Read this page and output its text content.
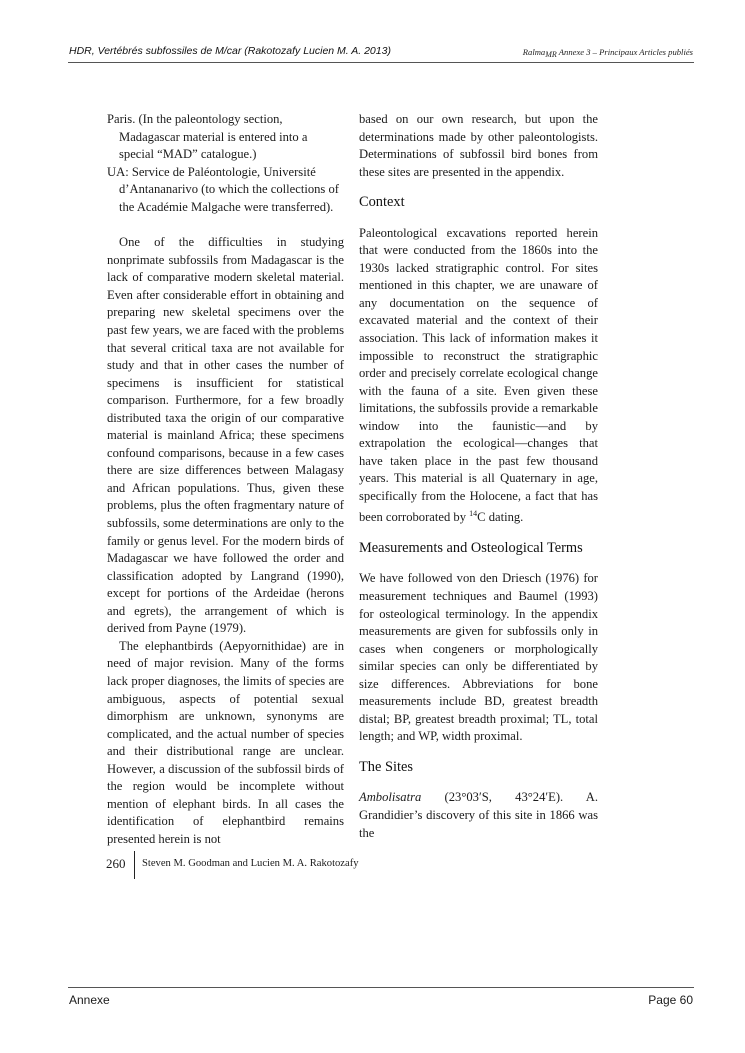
HDR, Vertébrés subfossiles de M/car (Rakotozafy Lucien M. A. 2013)	RalmaMR Annexe 3 – Principaux Articles publiés

Paris. (In the paleontology section, Madagascar material is entered into a special “MAD” catalogue.)

UA: Service de Paléontologie, Université d’Antananarivo (to which the collections of the Académie Malgache were transferred).

One of the difficulties in studying nonprimate subfossils from Madagascar is the lack of comparative modern skeletal material. Even after considerable effort in obtaining and preparing new skeletal specimens over the past few years, we are faced with the problems that several critical taxa are not available for study and that in other cases the number of specimens is insufficient for statistical comparison. Furthermore, for a few broadly distributed taxa the origin of our comparative material is mainland Africa; these specimens confound comparisons, because in a few cases there are size differences between Malagasy and African populations. Thus, given these problems, plus the often fragmentary nature of subfossils, some determinations are only to the family or genus level. For the modern birds of Madagascar we have followed the order and classification adopted by Langrand (1990), except for portions of the Ardeidae (herons and egrets), the arrangement of which is derived from Payne (1979).

The elephantbirds (Aepyornithidae) are in need of major revision. Many of the forms lack proper diagnoses, the limits of species are ambiguous, aspects of potential sexual dimorphism are unknown, synonyms are complicated, and the actual number of species and their distributional range are unclear. However, a discussion of the subfossil birds of the region would be incomplete without mention of elephant birds. In all cases the identification of elephantbird remains presented herein is not

based on our own research, but upon the determinations made by other paleontologists. Determinations of subfossil bird bones from these sites are presented in the appendix.

Context

Paleontological excavations reported herein that were conducted from the 1860s into the 1930s lacked stratigraphic control. For sites mentioned in this chapter, we are unaware of any documentation on the sequence of excavated material and the context of their association. This lack of information makes it impossible to reconstruct the stratigraphic order and precisely correlate ecological change with the fauna of a site. Even given these limitations, the subfossils provide a remarkable window into the faunistic—and by extrapolation the ecological—changes that have taken place in the past few thousand years. This material is all Quaternary in age, specifically from the Holocene, a fact that has been corroborated by $^{14}$C dating.

Measurements and Osteological Terms

We have followed von den Driesch (1976) for measurement techniques and Baumel (1993) for osteological terminology. In the appendix measurements are given for subfossils only in cases when congeners or morphologically similar species can only be differentiated by size differences. Abbreviations for bone measurements include BD, greatest breadth distal; BP, greatest breadth proximal; TL, total length; and WP, width proximal.

The Sites

Ambolisatra (23°03′S, 43°24′E). A. Grandidier’s discovery of this site in 1866 was the

260 Steven M. Goodman and Lucien M. A. Rakotozafy
Annexe	Page 60
